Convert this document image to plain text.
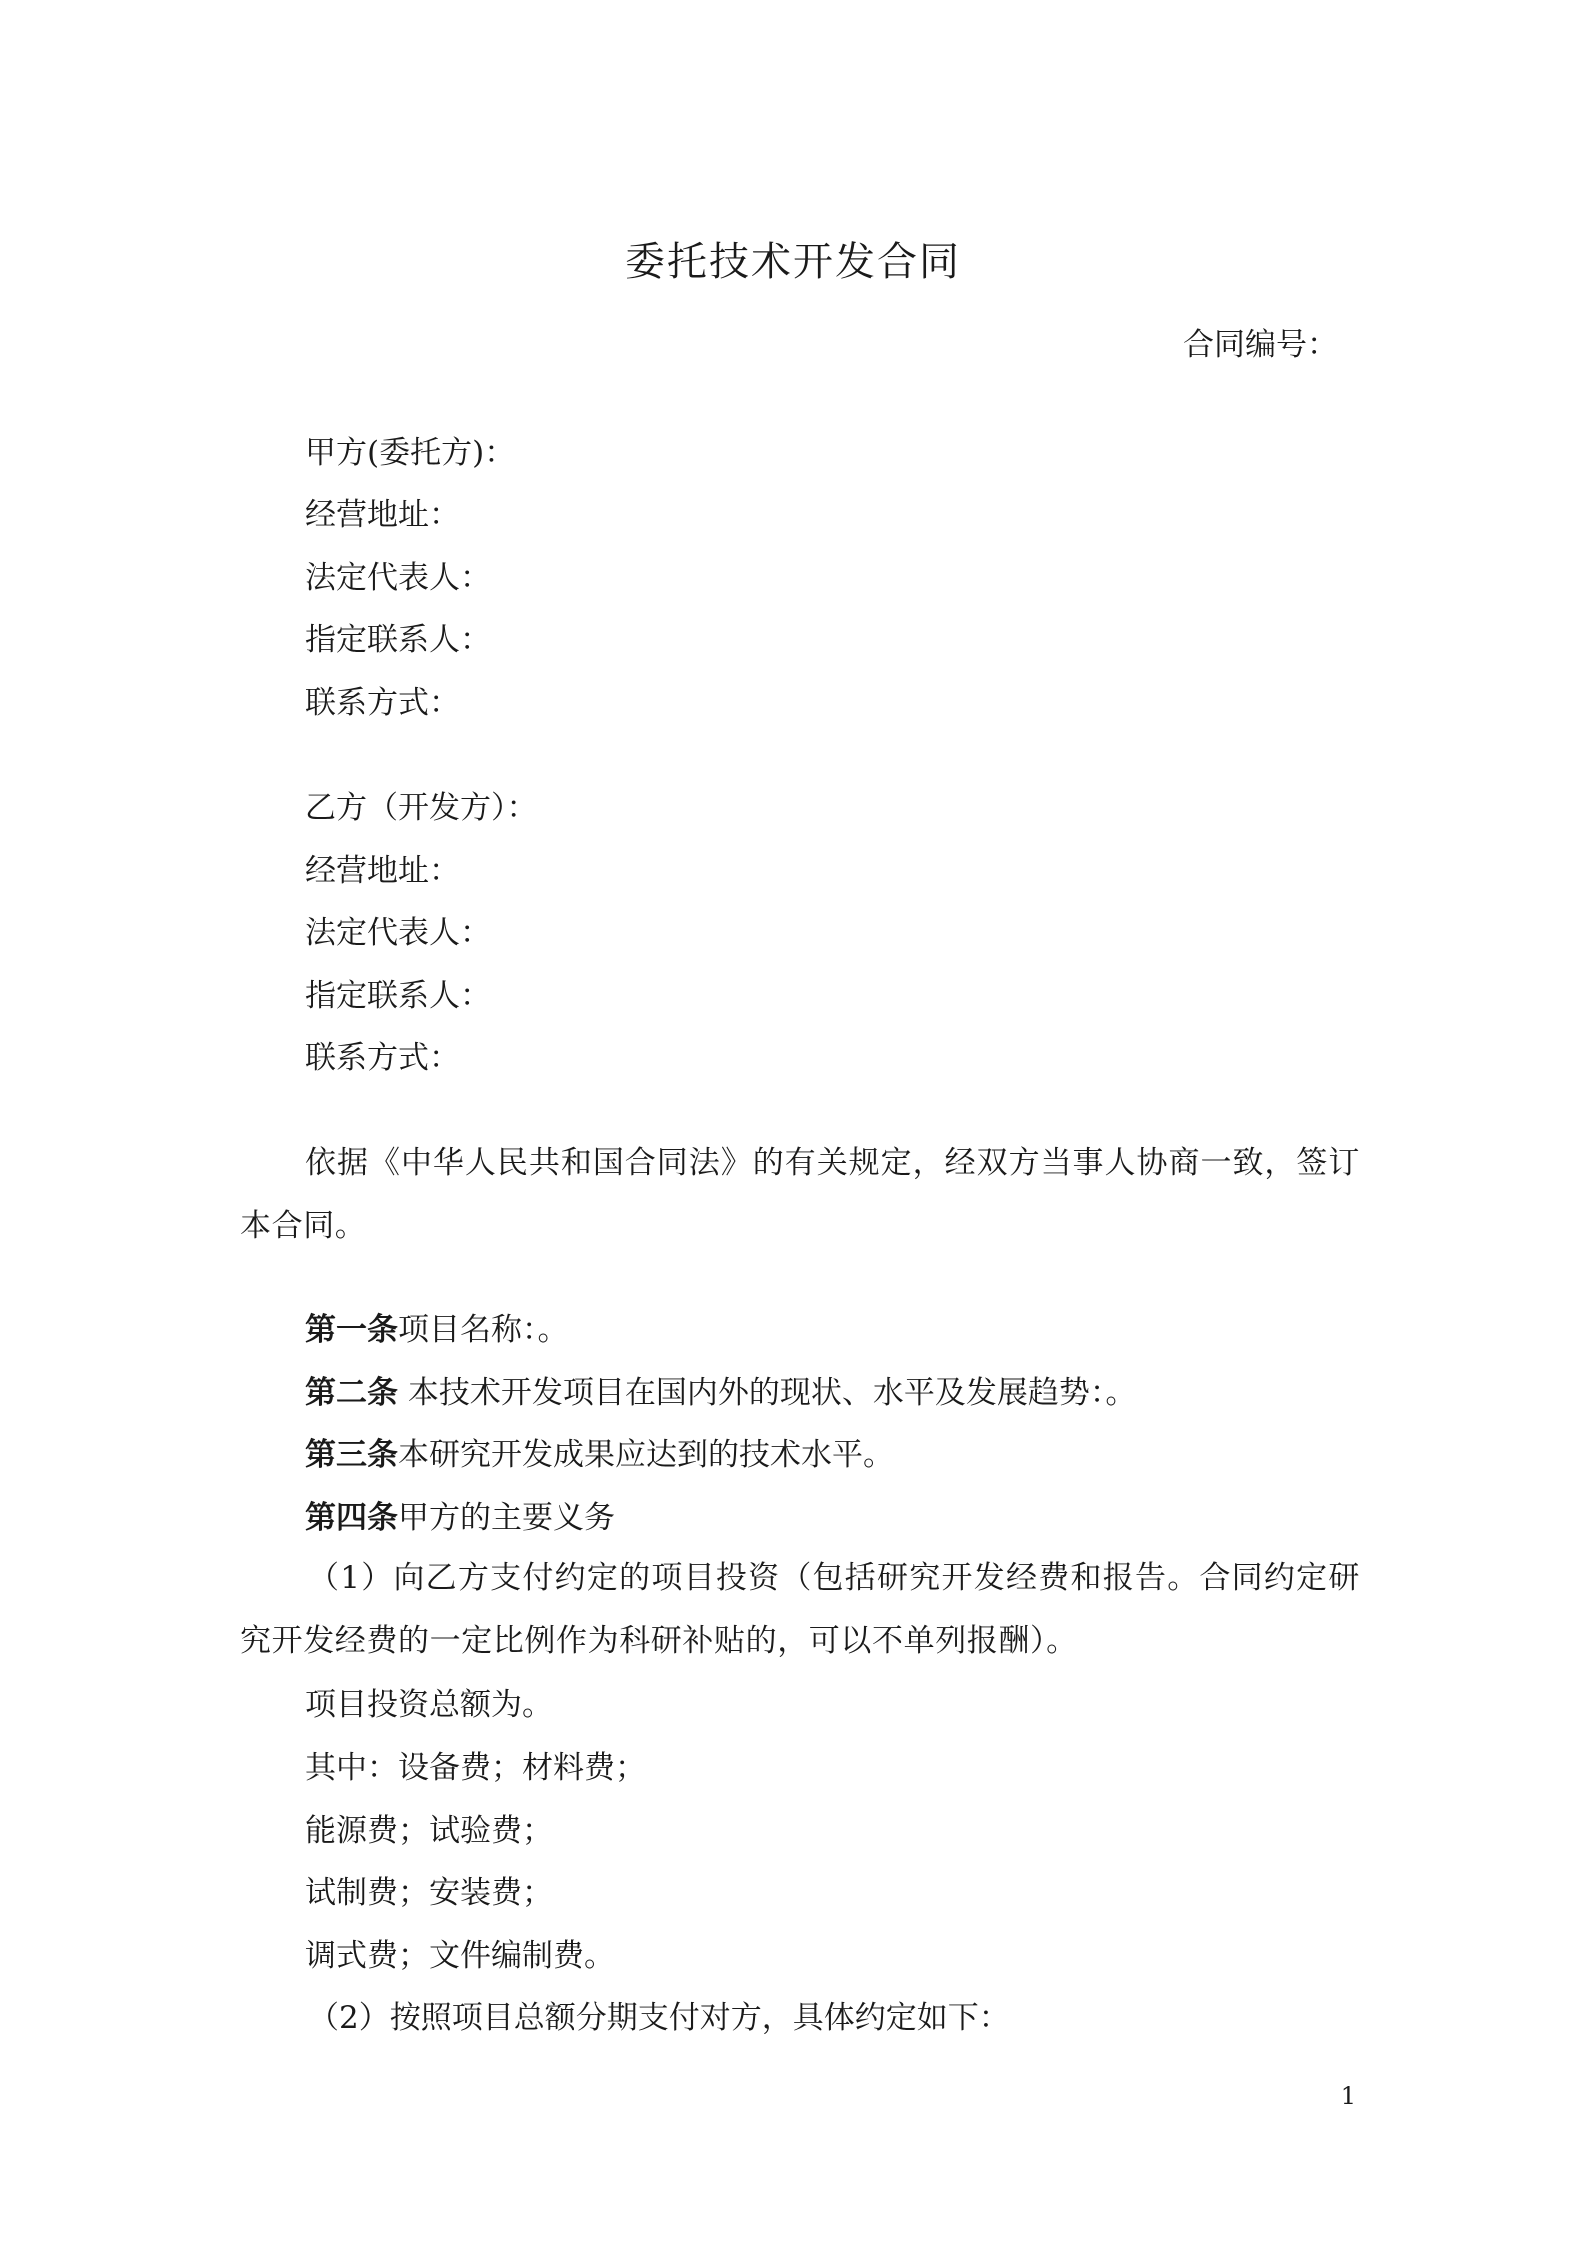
委托技术开发合同
合同编号：
甲方(委托方)：
经营地址：
法定代表人：
指定联系人：
联系方式：
乙方（开发方）：
经营地址：
法定代表人：
指定联系人：
联系方式：
依据《中华人民共和国合同法》的有关规定，经双方当事人协商一致，签订本合同。
第一条项目名称：。
第二条 本技术开发项目在国内外的现状、水平及发展趋势：。
第三条本研究开发成果应达到的技术水平。
第四条甲方的主要义务
（1）向乙方支付约定的项目投资（包括研究开发经费和报告。合同约定研究开发经费的一定比例作为科研补贴的，可以不单列报酬）。
项目投资总额为。
其中：设备费；材料费；
能源费；试验费；
试制费；安装费；
调式费；文件编制费。
（2）按照项目总额分期支付对方，具体约定如下：
1
